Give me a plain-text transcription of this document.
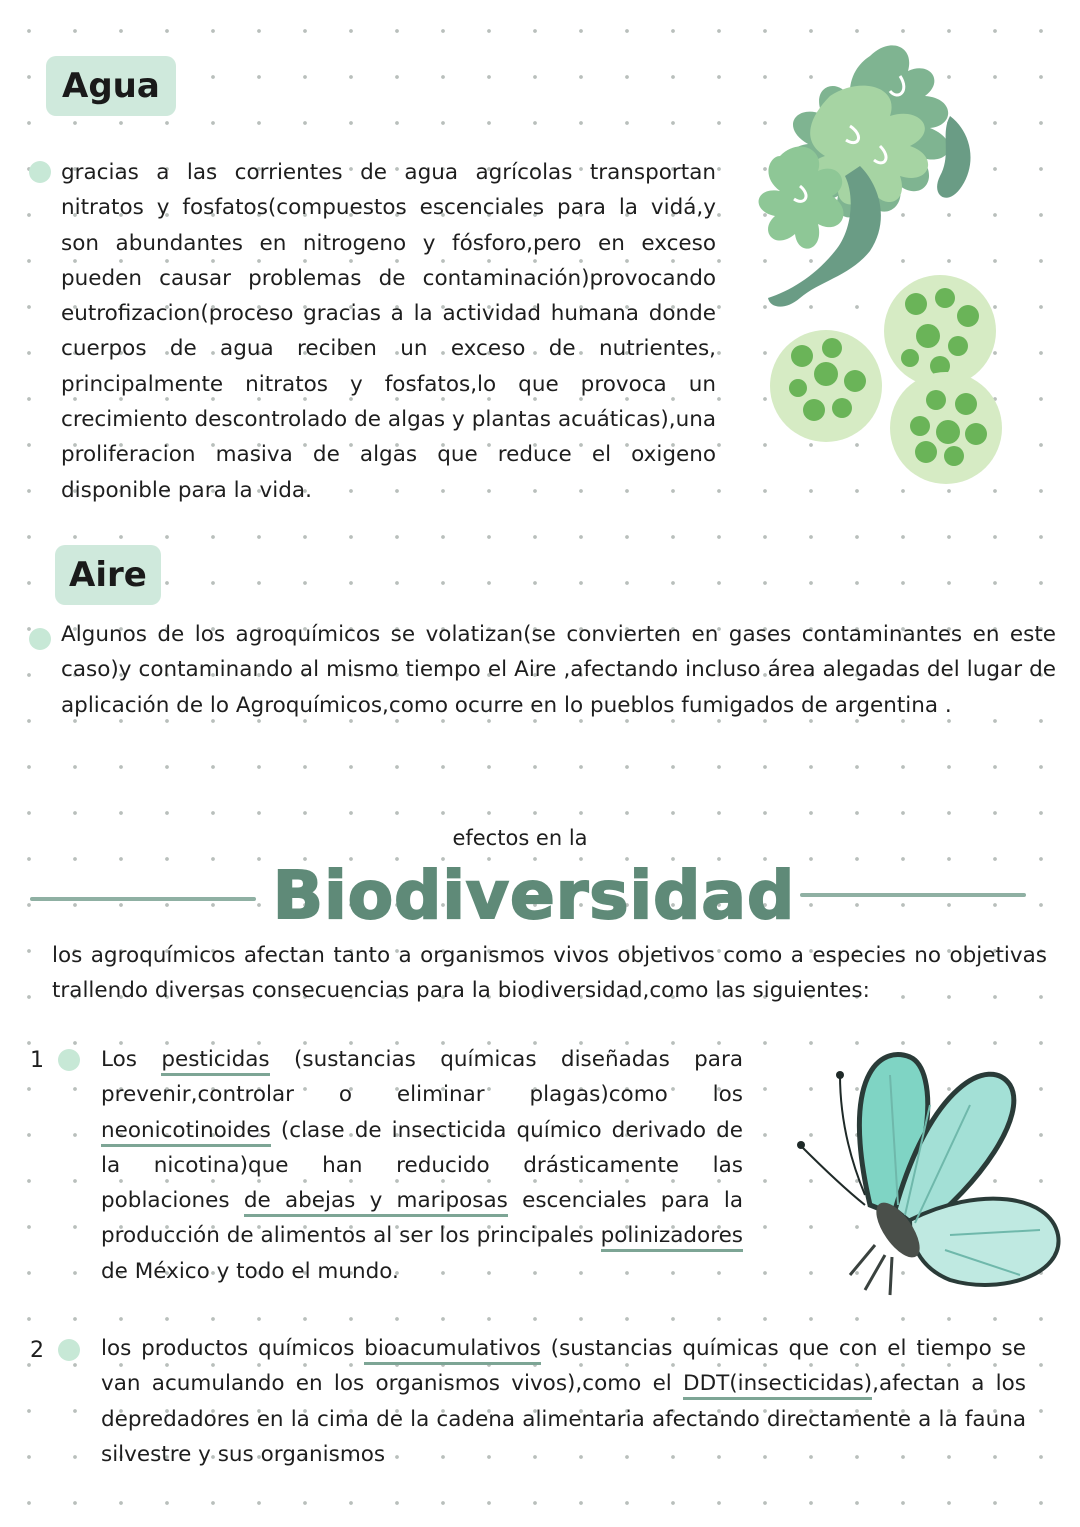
Agua
gracias a las corrientes de agua agrícolas transportan nitratos y fosfatos(compuestos escenciales para la vidá,y son abundantes en nitrogeno y fósforo,pero en exceso pueden causar problemas de contaminación)provocando eutrofizacion(proceso gracias a la actividad humana donde cuerpos de agua reciben un exceso de nutrientes, principalmente nitratos y fosfatos,lo que provoca un crecimiento descontrolado de algas y plantas acuáticas),una proliferacion masiva de algas que reduce el oxigeno disponible para la vida.
Aire
Algunos de los agroquímicos se volatizan(se convierten en gases contaminantes en este caso)y contaminando al mismo tiempo el Aire ,afectando incluso área alegadas del lugar de aplicación de lo Agroquímicos,como ocurre en lo pueblos fumigados de argentina .
efectos en la
Biodiversidad
los agroquímicos afectan tanto a organismos vivos objetivos como a especies no objetivas trallendo diversas consecuencias para la biodiversidad,como las siguientes:
1	Los pesticidas (sustancias químicas diseñadas para prevenir,controlar o eliminar plagas)como los neonicotinoides (clase de insecticida químico derivado de la nicotina)que han reducido drásticamente las poblaciones de abejas y mariposas escenciales para la producción de alimentos al ser los principales polinizadores de México y todo el mundo.
2	los productos químicos bioacumulativos (sustancias químicas que con el tiempo se van acumulando en los organismos vivos),como el DDT(insecticidas),afectan a los depredadores en la cima de la cadena alimentaria afectando directamente a la fauna silvestre y sus organismos
